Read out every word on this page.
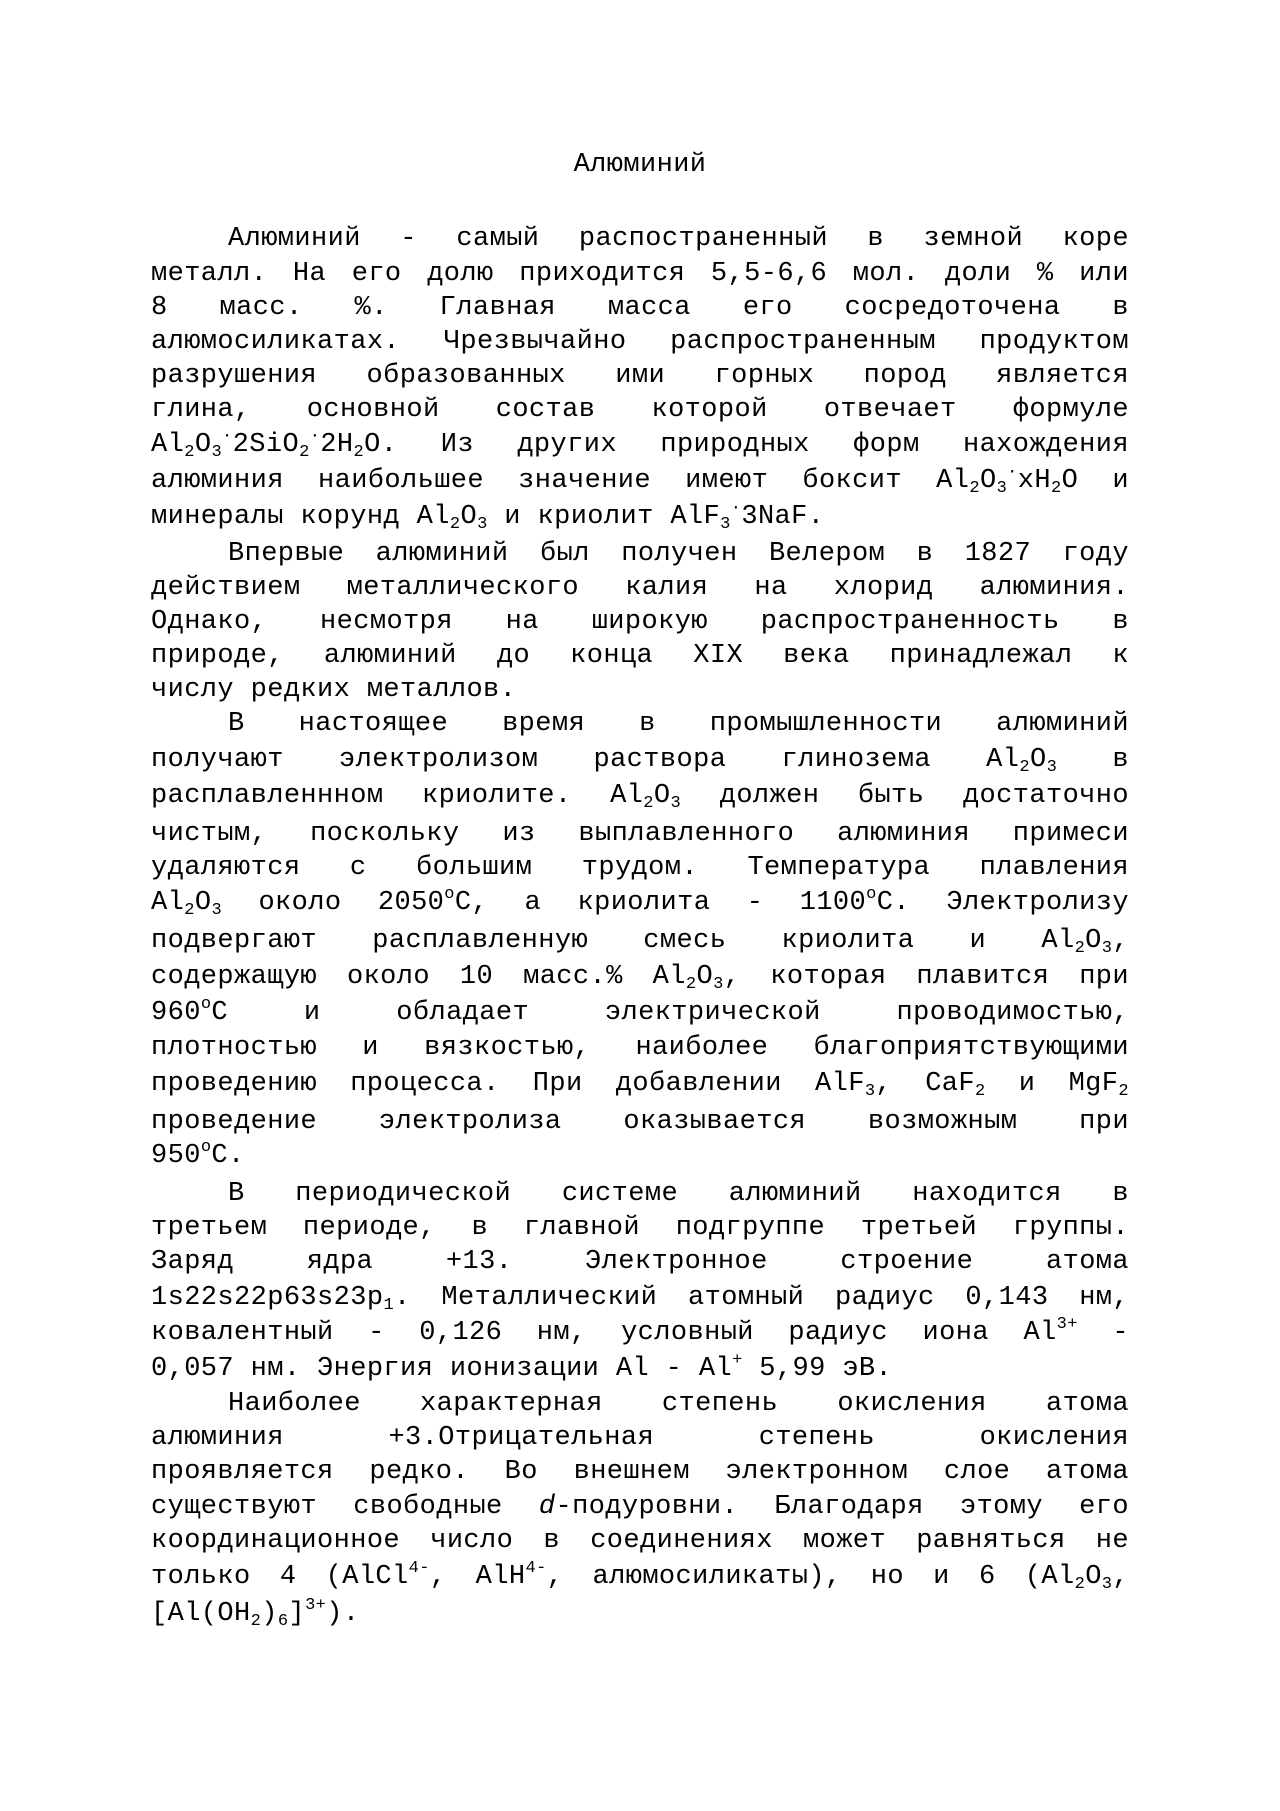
Алюминий
Алюминий - самый распостраненный в земной коре
металл. На его долю приходится 5,5-6,6 мол. доли % или
8 масс. %. Главная масса его сосредоточена в
алюмосиликатах. Чрезвычайно распространенным продуктом
разрушения образованных ими горных пород является
глина, основной состав которой отвечает формуле
$Al_2O_3^\cdot 2SiO_2^\cdot 2H_2O$. Из других природных форм нахождения
алюминия наибольшее значение имеют боксит $Al_2O_3^\cdot xH_2O$ и
минералы корунд $Al_2O_3$ и криолит AlF$_3$·3NaF.
Впервые алюминий был получен Велером в 1827 году
действием металлического калия на хлорид алюминия.
Однако, несмотря на широкую распространенность в
природе, алюминий до конца XIX века принадлежал к
числу редких металлов.
В настоящее время в промышленности алюминий
получают электролизом раствора глинозема $Al_2O_3$ в
расплавленнном криолите. $Al_2O_3$ должен быть достаточно
чистым, поскольку из выплавленного алюминия примеси
удаляются с большим трудом. Температура плавления
$Al_2O_3$ около 2050$^o$C, а криолита - 1100$^o$C. Электролизу
подвергают расплавленную смесь криолита и $Al_2O_3$,
содержащую около 10 масс.% $Al_2O_3$, которая плавится при
960$^o$C и обладает электрической проводимостью,
плотностью и вязкостью, наиболее благоприятствующими
проведению процесса. При добавлении AlF$_3$, CaF$_2$ и MgF$_2$
проведение электролиза оказывается возможным при
950$^o$C.
В периодической системе алюминий находится в
третьем периоде, в главной подгруппе третьей группы.
Заряд ядра +13. Электронное строение атома
$1s22s22p63s23p_1$. Металлический атомный радиус 0,143 нм,
ковалентный - 0,126 нм, условный радиус иона $Al^{3+}$ -
0,057 нм. Энергия ионизации Al - Al+ 5,99 эВ.
Наиболее характерная степень окисления атома
алюминия +3.Отрицательная степень окисления
проявляется редко. Во внешнем электронном слое атома
существуют свободные d-подуровни. Благодаря этому его
координационное число в соединениях может равняться не
только 4 (AlCl$^{4-}$, AlH$^{4-}$, алюмосиликаты), но и 6 ($Al_2O_3$,
$[Al(OH_2)_6]^{3+}$).
